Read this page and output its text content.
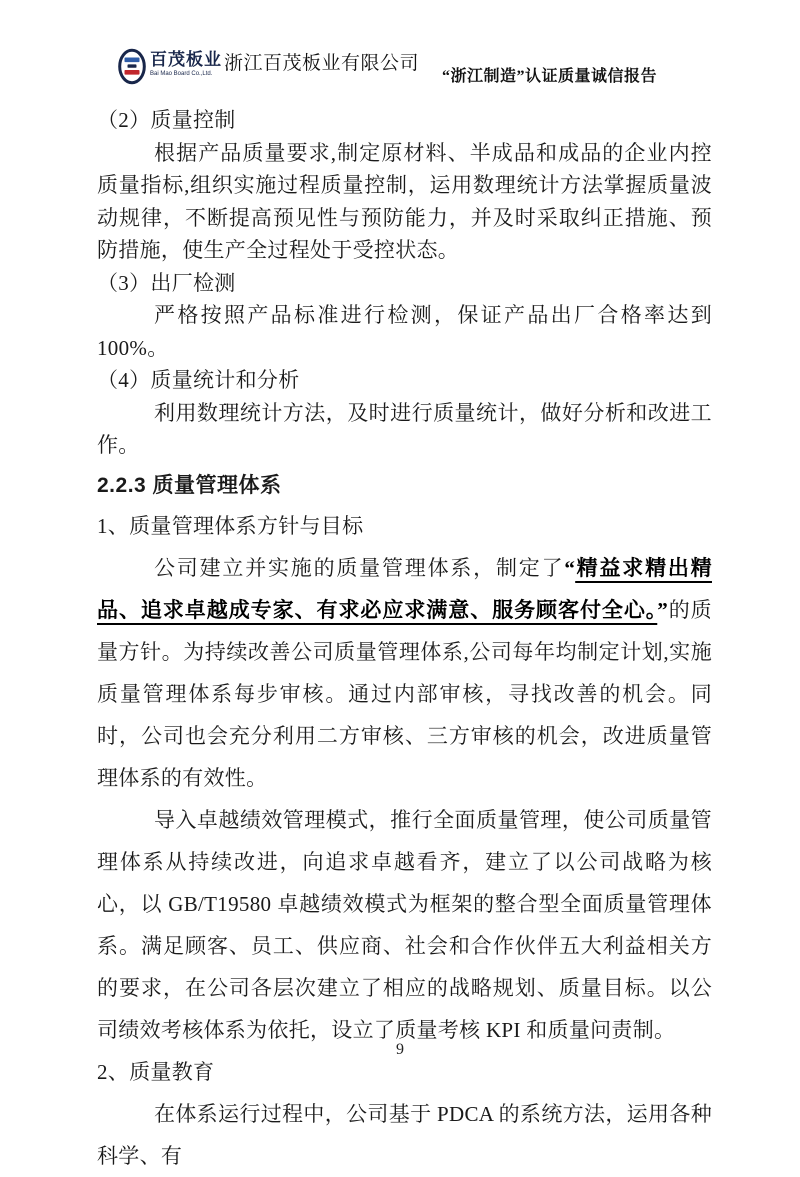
百茂板业
Bai Mao Board Co.,Ltd. 浙江百茂板业有限公司
“浙江制造”认证质量诚信报告

（2）质量控制

根据产品质量要求,制定原材料、半成品和成品的企业内控质量指标,组织实施过程质量控制，运用数理统计方法掌握质量波动规律，不断提高预见性与预防能力，并及时采取纠正措施、预防措施，使生产全过程处于受控状态。

（3）出厂检测

严格按照产品标准进行检测，保证产品出厂合格率达到 100%。

（4）质量统计和分析

利用数理统计方法，及时进行质量统计，做好分析和改进工作。

2.2.3 质量管理体系

1、质量管理体系方针与目标

公司建立并实施的质量管理体系，制定了“精益求精出精品、追求卓越成专家、有求必应求满意、服务顾客付全心。”的质量方针。为持续改善公司质量管理体系,公司每年均制定计划,实施质量管理体系每步审核。通过内部审核，寻找改善的机会。同时，公司也会充分利用二方审核、三方审核的机会，改进质量管理体系的有效性。

导入卓越绩效管理模式，推行全面质量管理，使公司质量管理体系从持续改进，向追求卓越看齐，建立了以公司战略为核心，以 GB/T19580 卓越绩效模式为框架的整合型全面质量管理体系。满足顾客、员工、供应商、社会和合作伙伴五大利益相关方的要求，在公司各层次建立了相应的战略规划、质量目标。以公司绩效考核体系为依托，设立了质量考核 KPI 和质量问责制。

2、质量教育

在体系运行过程中，公司基于 PDCA 的系统方法，运用各种科学、有

9
